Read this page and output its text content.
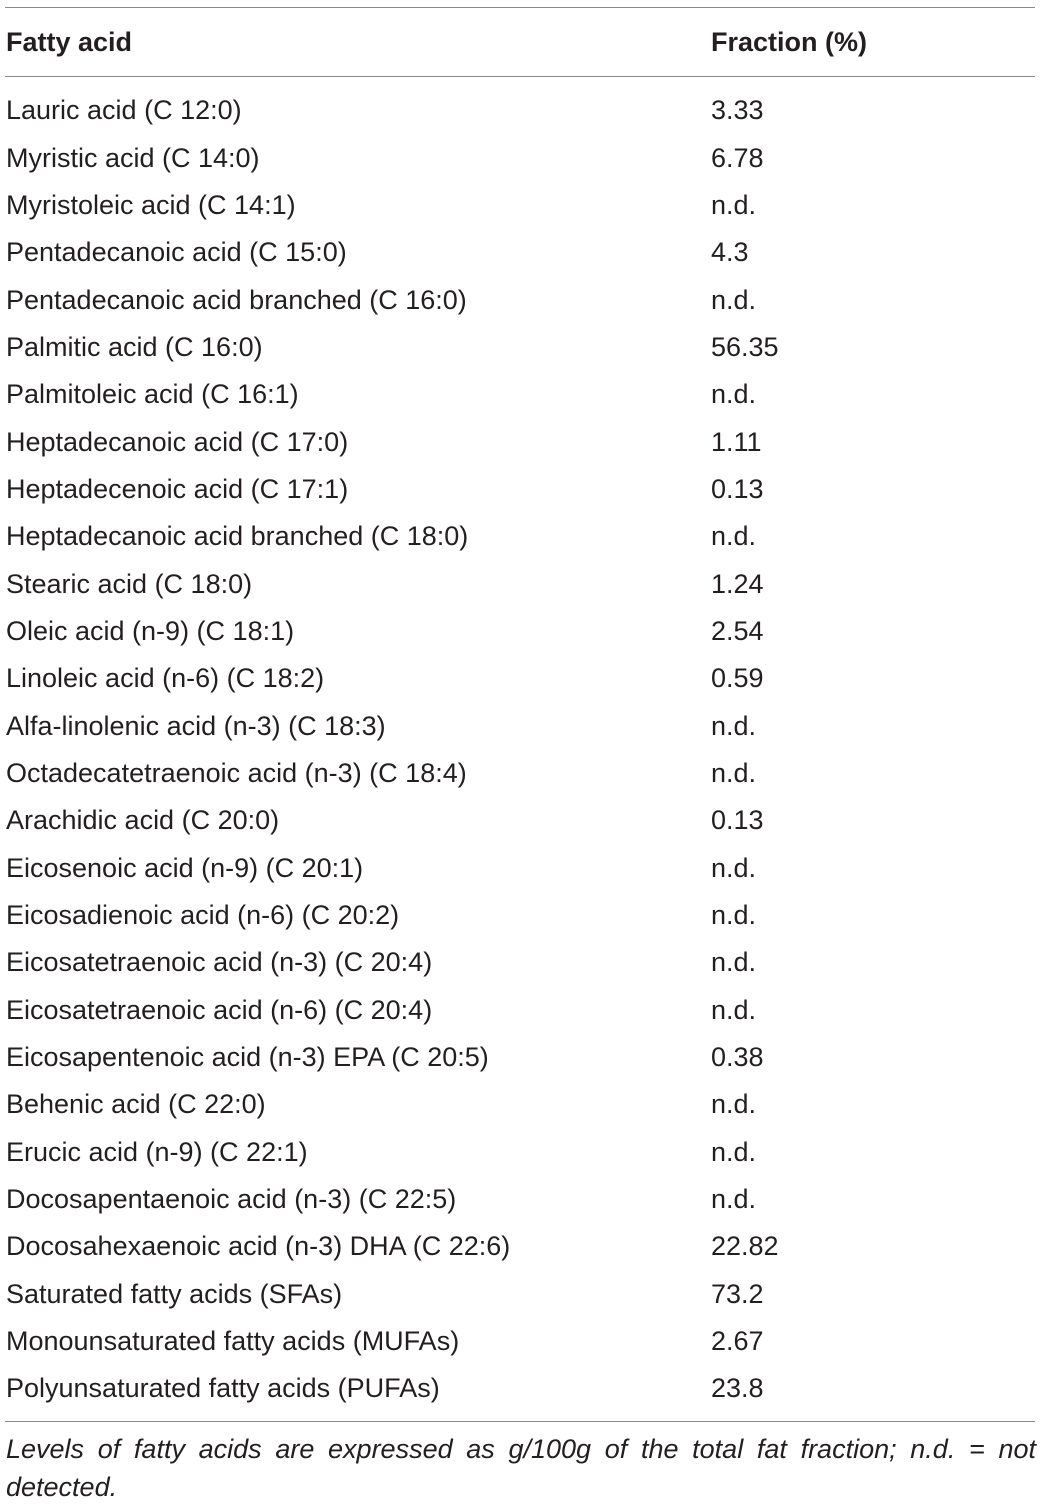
Fatty acid	Fraction (%)
Lauric acid (C 12:0)	3.33
Myristic acid (C 14:0)	6.78
Myristoleic acid (C 14:1)	n.d.
Pentadecanoic acid (C 15:0)	4.3
Pentadecanoic acid branched (C 16:0)	n.d.
Palmitic acid (C 16:0)	56.35
Palmitoleic acid (C 16:1)	n.d.
Heptadecanoic acid (C 17:0)	1.11
Heptadecenoic acid (C 17:1)	0.13
Heptadecanoic acid branched (C 18:0)	n.d.
Stearic acid (C 18:0)	1.24
Oleic acid (n-9) (C 18:1)	2.54
Linoleic acid (n-6) (C 18:2)	0.59
Alfa-linolenic acid (n-3) (C 18:3)	n.d.
Octadecatetraenoic acid (n-3) (C 18:4)	n.d.
Arachidic acid (C 20:0)	0.13
Eicosenoic acid (n-9) (C 20:1)	n.d.
Eicosadienoic acid (n-6) (C 20:2)	n.d.
Eicosatetraenoic acid (n-3) (C 20:4)	n.d.
Eicosatetraenoic acid (n-6) (C 20:4)	n.d.
Eicosapentenoic acid (n-3) EPA (C 20:5)	0.38
Behenic acid (C 22:0)	n.d.
Erucic acid (n-9) (C 22:1)	n.d.
Docosapentaenoic acid (n-3) (C 22:5)	n.d.
Docosahexaenoic acid (n-3) DHA (C 22:6)	22.82
Saturated fatty acids (SFAs)	73.2
Monounsaturated fatty acids (MUFAs)	2.67
Polyunsaturated fatty acids (PUFAs)	23.8
Levels of fatty acids are expressed as g/100g of the total fat fraction; n.d. = not detected.
